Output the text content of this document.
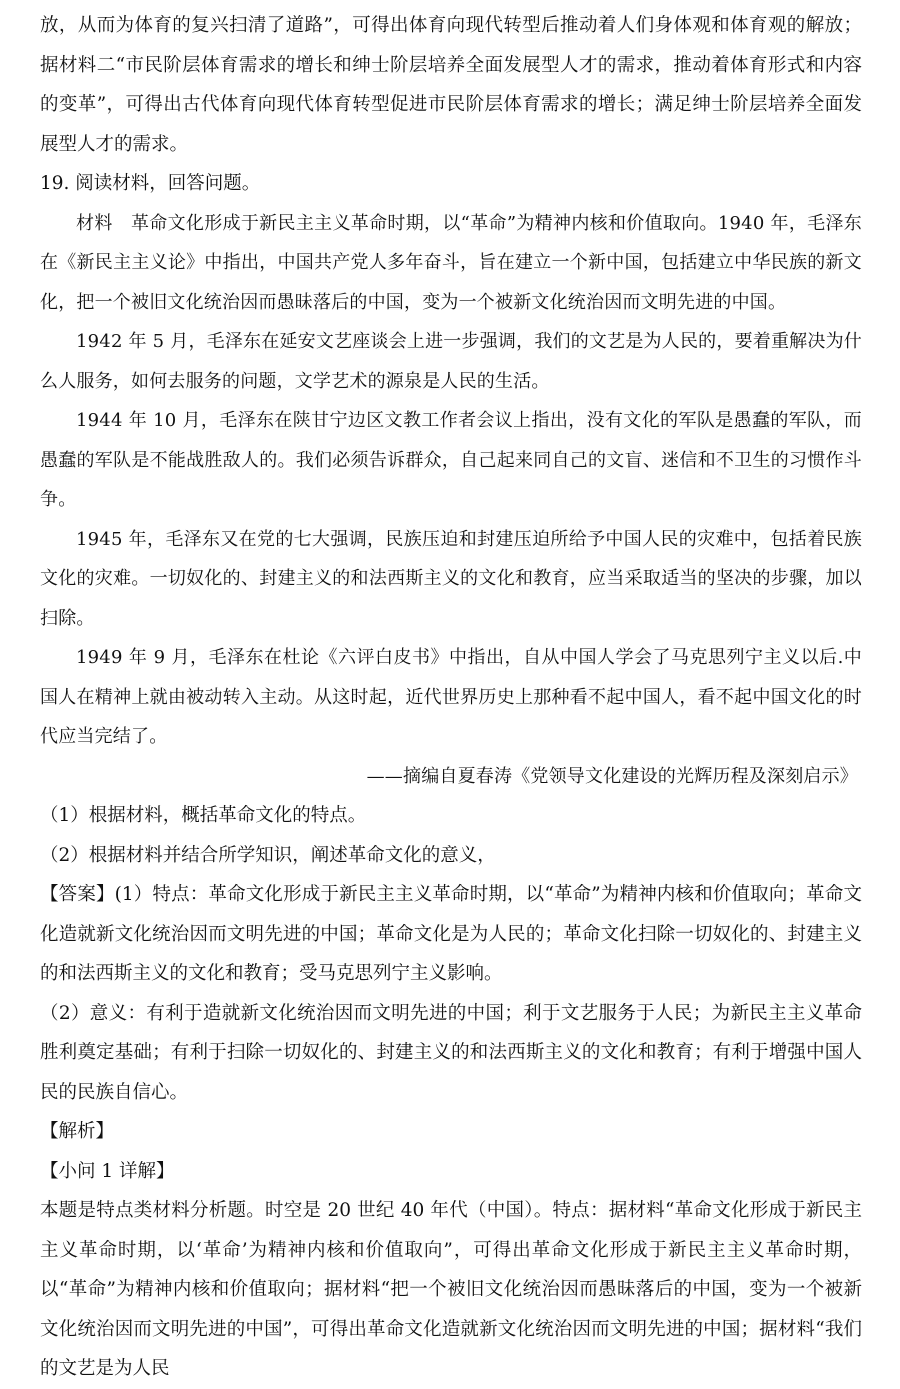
放，从而为体育的复兴扫清了道路”，可得出体育向现代转型后推动着人们身体观和体育观的解放；据材料二“市民阶层体育需求的增长和绅士阶层培养全面发展型人才的需求，推动着体育形式和内容的变革”，可得出古代体育向现代体育转型促进市民阶层体育需求的增长；满足绅士阶层培养全面发展型人才的需求。

19. 阅读材料，回答问题。

材料　革命文化形成于新民主主义革命时期，以“革命”为精神内核和价值取向。1940 年，毛泽东在《新民主主义论》中指出，中国共产党人多年奋斗，旨在建立一个新中国，包括建立中华民族的新文化，把一个被旧文化统治因而愚昧落后的中国，变为一个被新文化统治因而文明先进的中国。

1942 年 5 月，毛泽东在延安文艺座谈会上进一步强调，我们的文艺是为人民的，要着重解决为什么人服务，如何去服务的问题，文学艺术的源泉是人民的生活。

1944 年 10 月，毛泽东在陕甘宁边区文教工作者会议上指出，没有文化的军队是愚蠢的军队，而愚蠢的军队是不能战胜敌人的。我们必须告诉群众，自己起来同自己的文盲、迷信和不卫生的习惯作斗争。

1945 年，毛泽东又在党的七大强调，民族压迫和封建压迫所给予中国人民的灾难中，包括着民族文化的灾难。一切奴化的、封建主义的和法西斯主义的文化和教育，应当采取适当的坚决的步骤，加以扫除。

1949 年 9 月，毛泽东在杜论《六评白皮书》中指出，自从中国人学会了马克思列宁主义以后.中国人在精神上就由被动转入主动。从这时起，近代世界历史上那种看不起中国人，看不起中国文化的时代应当完结了。

——摘编自夏春涛《党领导文化建设的光辉历程及深刻启示》

（1）根据材料，概括革命文化的特点。

（2）根据材料并结合所学知识，阐述革命文化的意义，

【答案】(1）特点：革命文化形成于新民主主义革命时期，以“革命”为精神内核和价值取向；革命文化造就新文化统治因而文明先进的中国；革命文化是为人民的；革命文化扫除一切奴化的、封建主义的和法西斯主义的文化和教育；受马克思列宁主义影响。

（2）意义：有利于造就新文化统治因而文明先进的中国；利于文艺服务于人民；为新民主主义革命胜利奠定基础；有利于扫除一切奴化的、封建主义的和法西斯主义的文化和教育；有利于增强中国人民的民族自信心。

【解析】

【小问 1 详解】

本题是特点类材料分析题。时空是 20 世纪 40 年代（中国）。特点：据材料“革命文化形成于新民主主义革命时期，以‘革命’为精神内核和价值取向”，可得出革命文化形成于新民主主义革命时期，以“革命”为精神内核和价值取向；据材料“把一个被旧文化统治因而愚昧落后的中国，变为一个被新文化统治因而文明先进的中国”，可得出革命文化造就新文化统治因而文明先进的中国；据材料“我们的文艺是为人民
